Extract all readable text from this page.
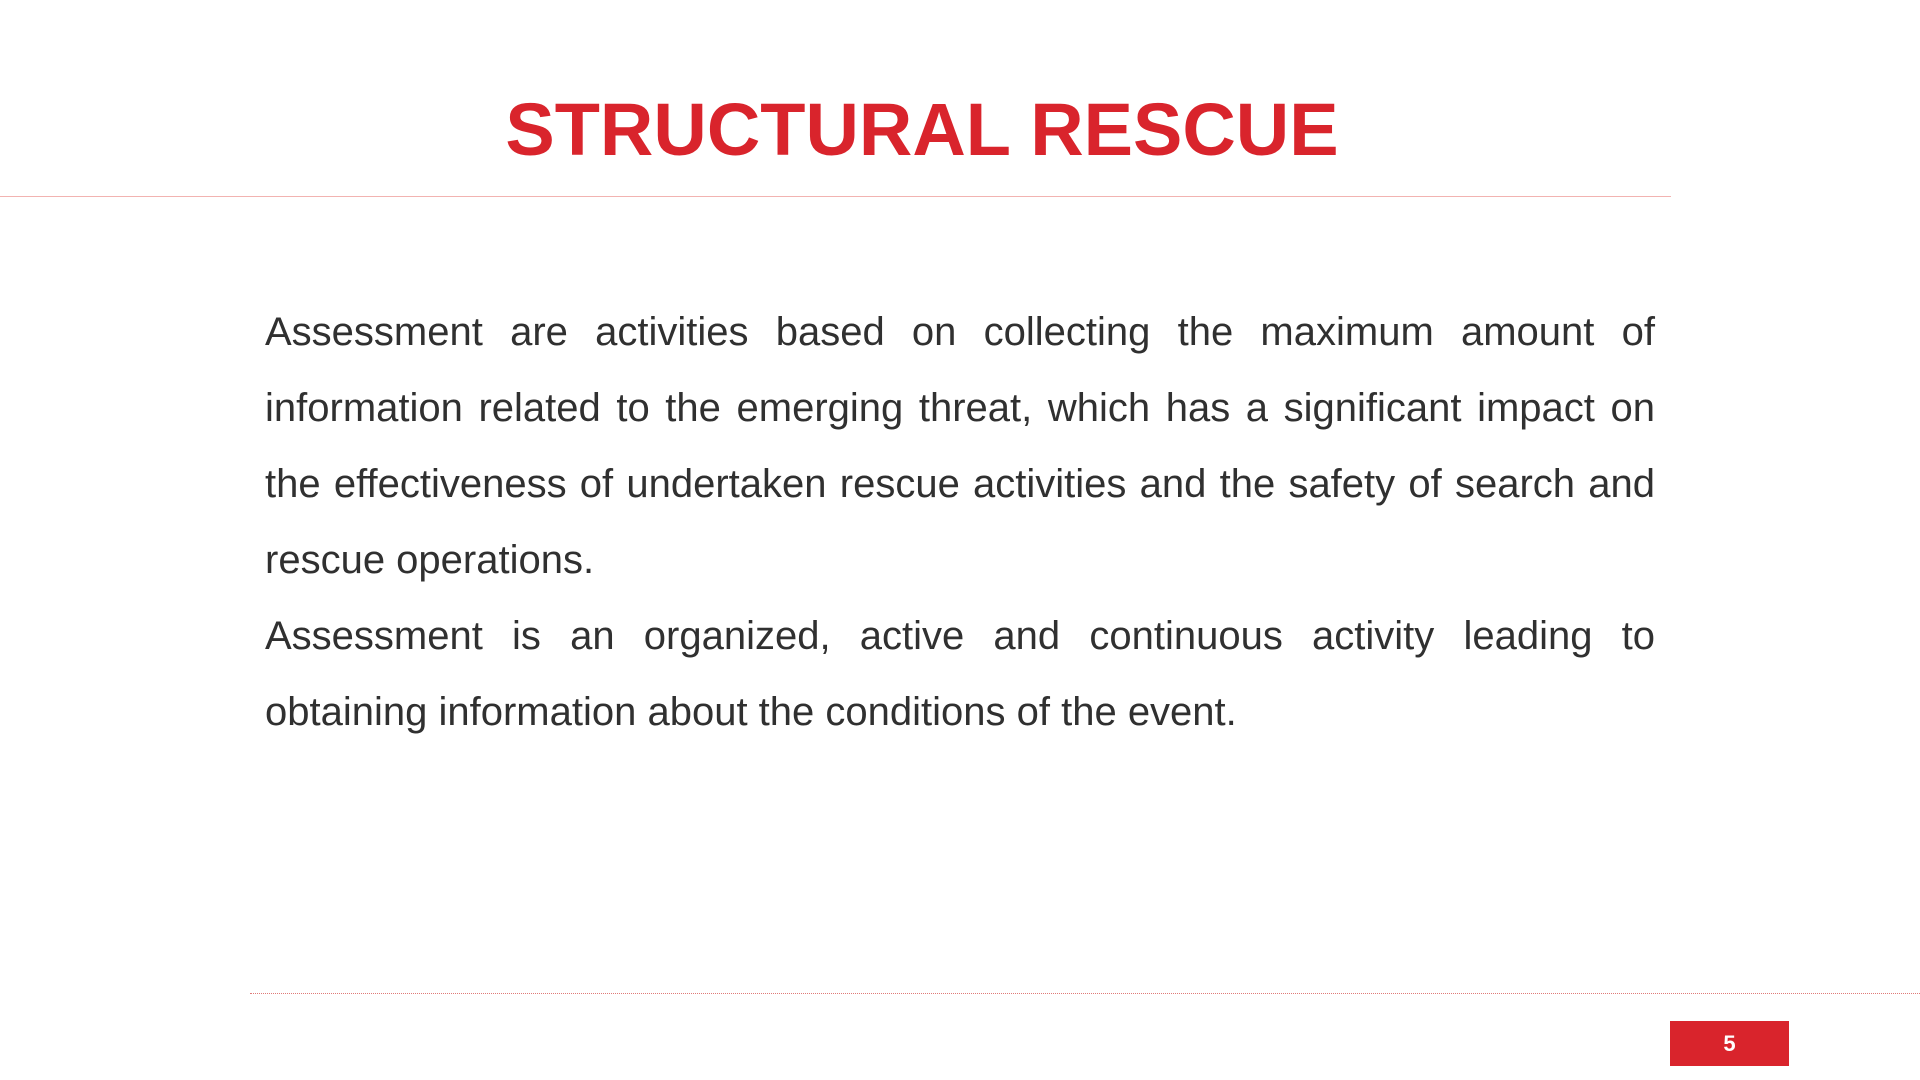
STRUCTURAL RESCUE

Assessment are activities based on collecting the maximum amount of information related to the emerging threat, which has a significant impact on the effectiveness of undertaken rescue activities and the safety of search and rescue operations.

Assessment is an organized, active and continuous activity leading to obtaining information about the conditions of the event.

5
